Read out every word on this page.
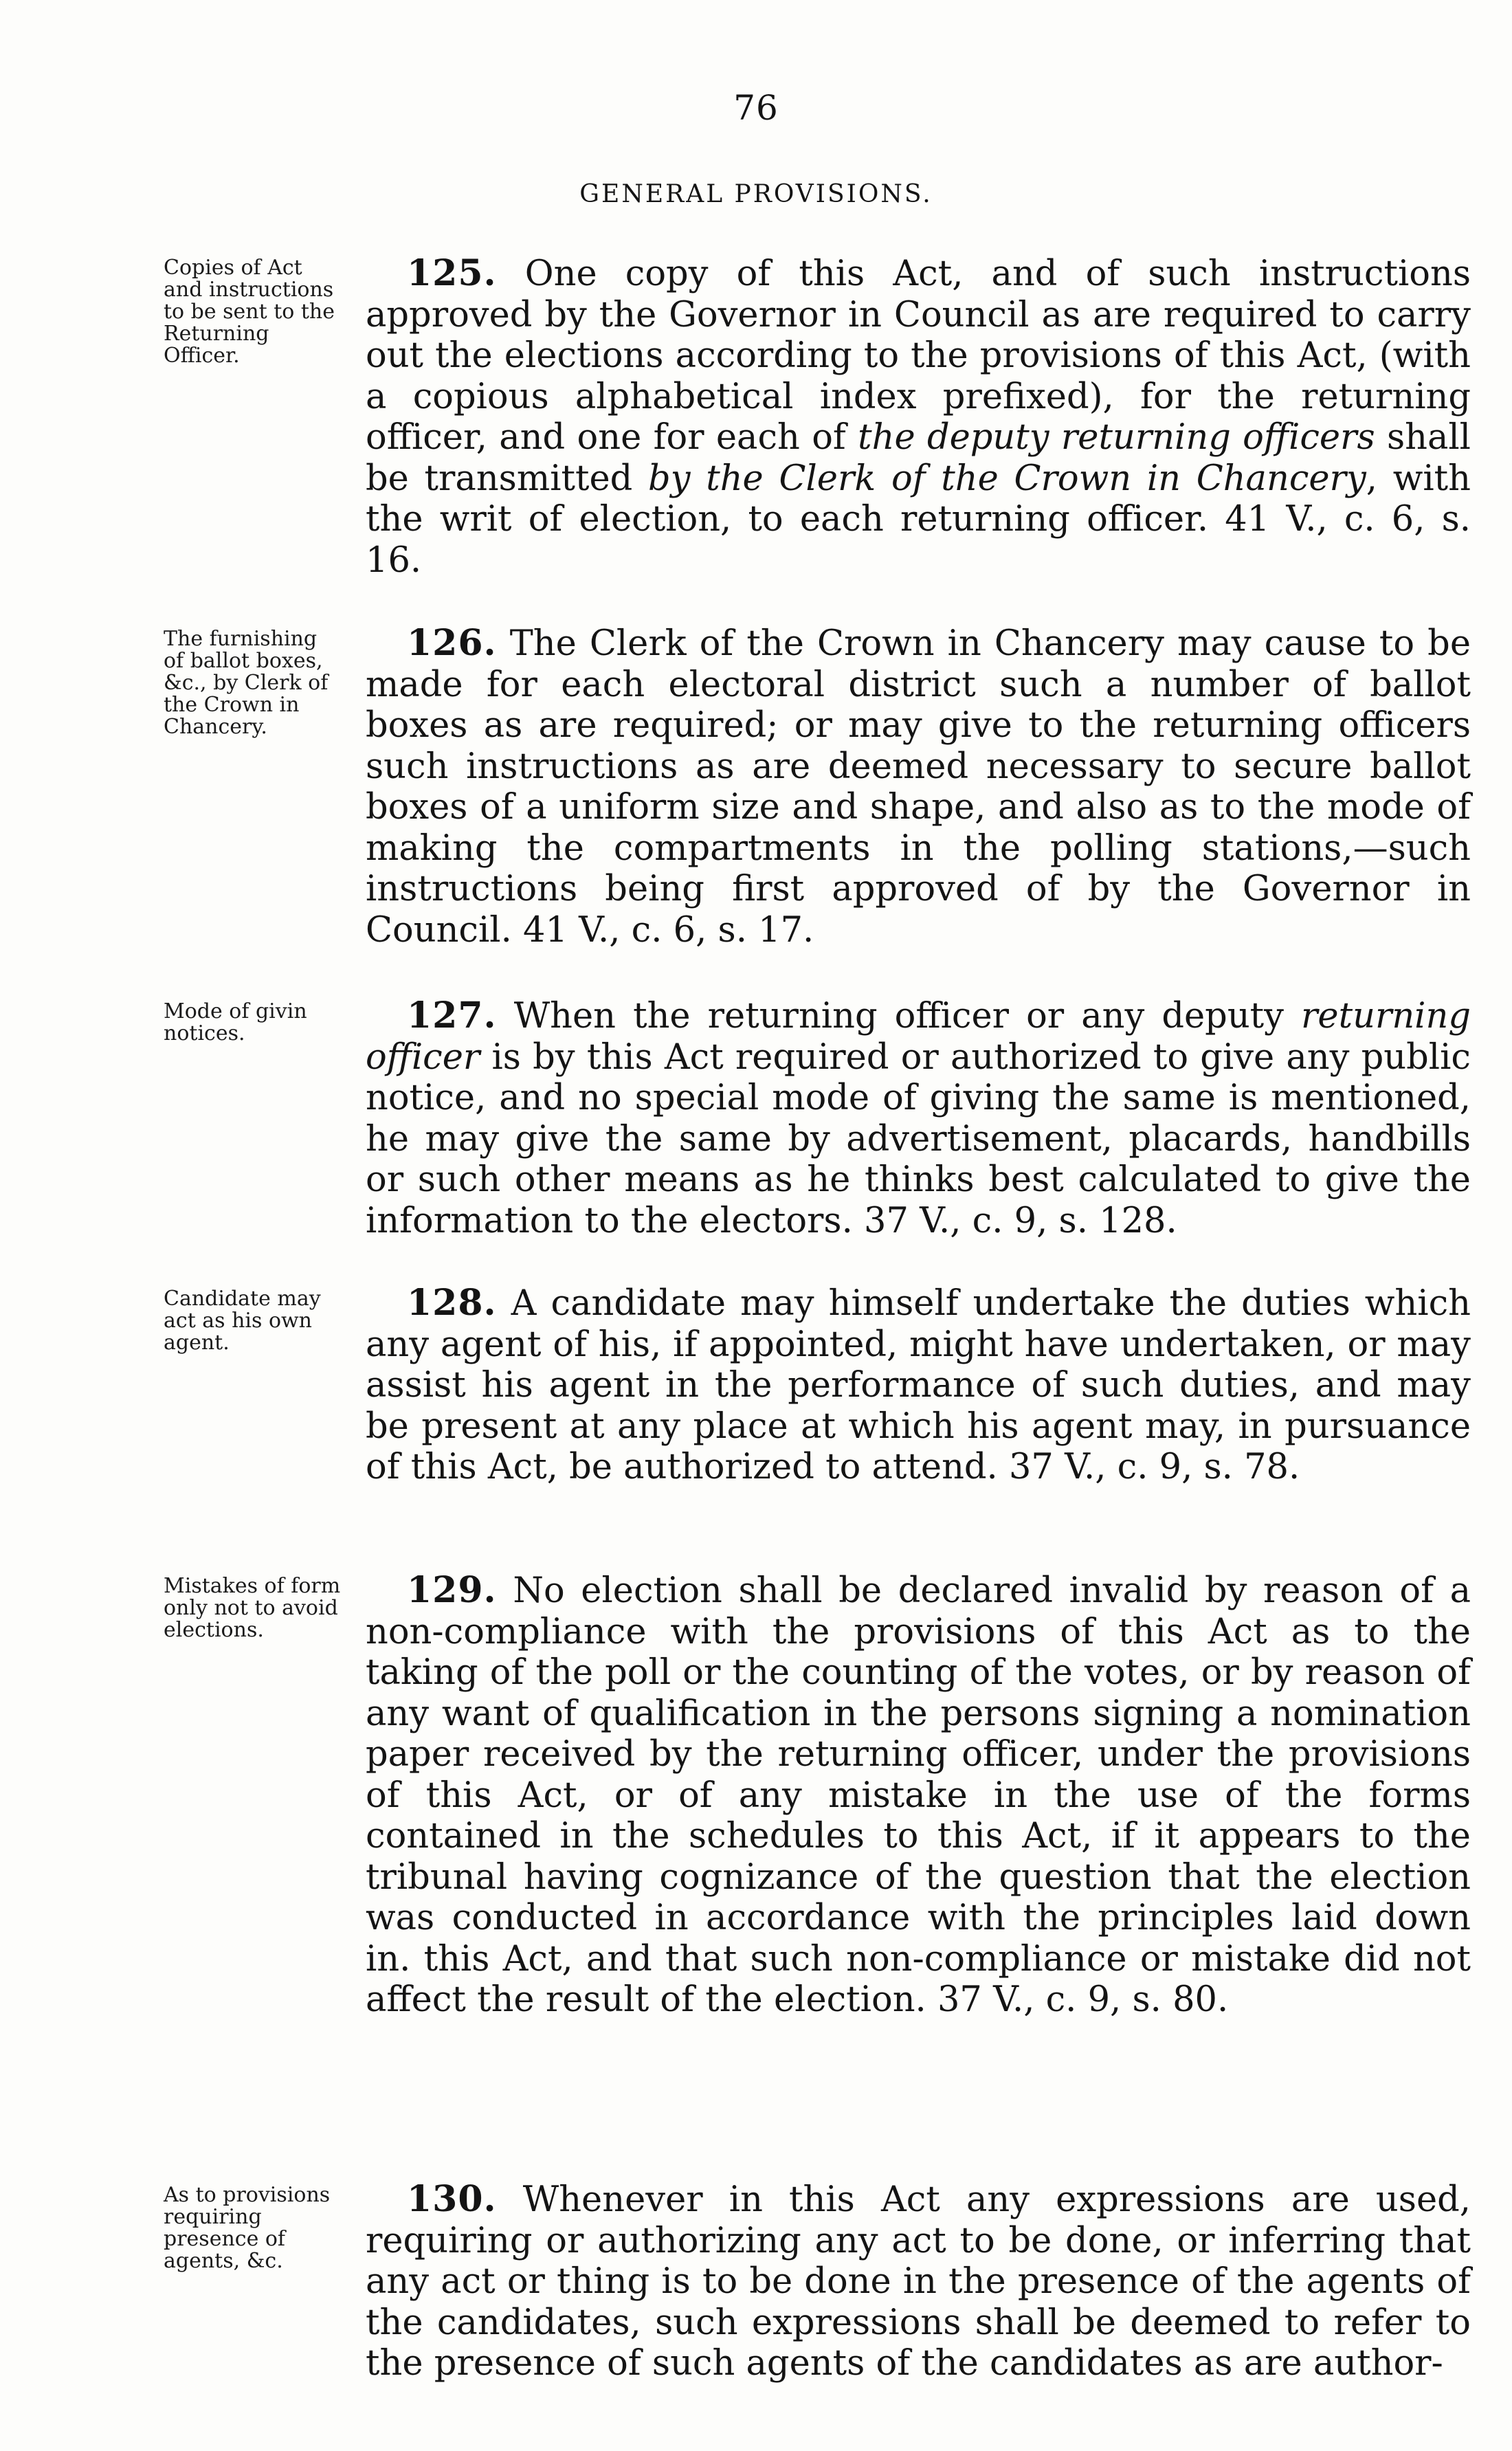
76
GENERAL PROVISIONS.
Copies of Act and instructions to be sent to the Returning Officer.
125 . One copy of this Act, and of such instructions approved by the Governor in Council as are required to carry out the elections according to the provisions of this Act, (with a copious alphabetical index prefixed), for the returning officer, and one for each of the deputy returning officers shall be transmitted by the Clerk of the Crown in Chancery, with the writ of election, to each returning officer. 41 V., c. 6, s. 16.
The furnishing of ballot boxes, &c., by Clerk of the Crown in Chancery.
126 . The Clerk of the Crown in Chancery may cause to be made for each electoral district such a number of ballot boxes as are required; or may give to the returning officers such instructions as are deemed necessary to secure ballot boxes of a uniform size and shape, and also as to the mode of making the compartments in the polling stations,—such instructions being first approved of by the Governor in Council. 41 V., c. 6, s. 17.
Mode of givin notices.	127 . When the returning officer or any deputy returning officer is by this Act required or authorized to give any public notice, and no special mode of giving the same is mentioned, he may give the same by advertisement, placards, handbills or such other means as he thinks best calculated to give the information to the electors. 37 V., c. 9, s. 128.
Candidate may act as his own agent.
128 . A candidate may himself undertake the duties which any agent of his, if appointed, might have undertaken, or may assist his agent in the performance of such duties, and may be present at any place at which his agent may, in pursuance of this Act, be authorized to attend. 37 V., c. 9, s. 78.
Mistakes of form only not to avoid elections.
129 . No election shall be declared invalid by reason of a non-compliance with the provisions of this Act as to the taking of the poll or the counting of the votes, or by reason of any want of qualification in the persons signing a nomination paper received by the returning officer, under the provisions of this Act, or of any mistake in the use of the forms contained in the schedules to this Act, if it appears to the tribunal having cognizance of the question that the election was conducted in accordance with the principles laid down in. this Act, and that such non-compliance or mistake did not affect the result of the election. 37 V., c. 9, s. 80.
As to provisions requiring presence of agents, &c.
130 . Whenever in this Act any expressions are used, requiring or authorizing any act to be done, or inferring that any act or thing is to be done in the presence of the agents of the candidates, such expressions shall be deemed to refer to the presence of such agents of the candidates as are author-
